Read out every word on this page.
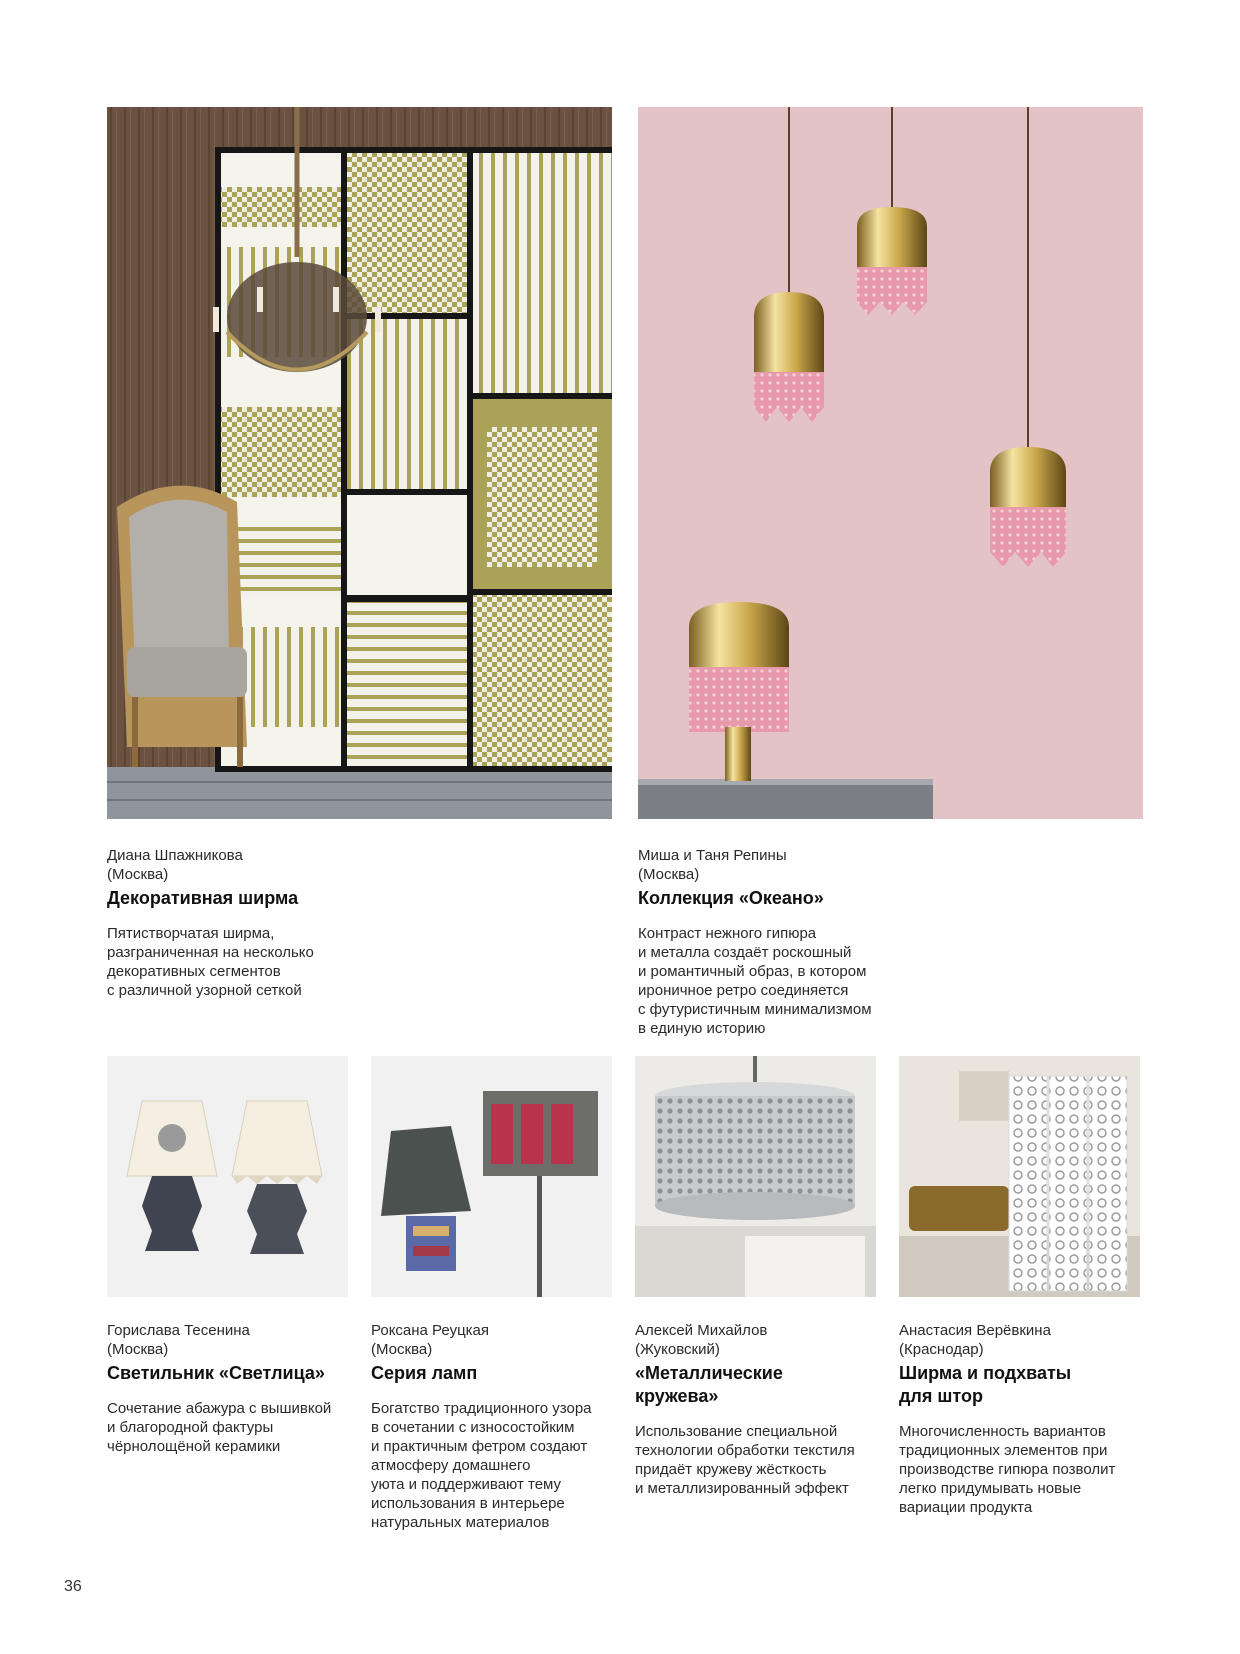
Диана Шпажникова
(Москва)
Декоративная ширма
Пятистворчатая ширма,
разграниченная на несколько
декоративных сегментов
с различной узорной сеткой
Миша и Таня Репины
(Москва)
Коллекция «Океано»
Контраст нежного гипюра
и металла создаёт роскошный
и романтичный образ, в котором
ироничное ретро соединяется
с футуристичным минимализмом
в единую историю
Горислава Тесенина
(Москва)
Светильник «Светлица»
Сочетание абажура с вышивкой
и благородной фактуры
чёрнолощёной керамики
Роксана Реуцкая
(Москва)
Серия ламп
Богатство традиционного узора
в сочетании с износостойким
и практичным фетром создают
атмосферу домашнего
уюта и поддерживают тему
использования в интерьере
натуральных материалов
Алексей Михайлов
(Жуковский)
«Металлические
кружева»
Использование специальной
технологии обработки текстиля
придаёт кружеву жёсткость
и металлизированный эффект
Анастасия Верёвкина
(Краснодар)
Ширма и подхваты
для штор
Многочисленность вариантов
традиционных элементов при
производстве гипюра позволит
легко придумывать новые
вариации продукта
36
